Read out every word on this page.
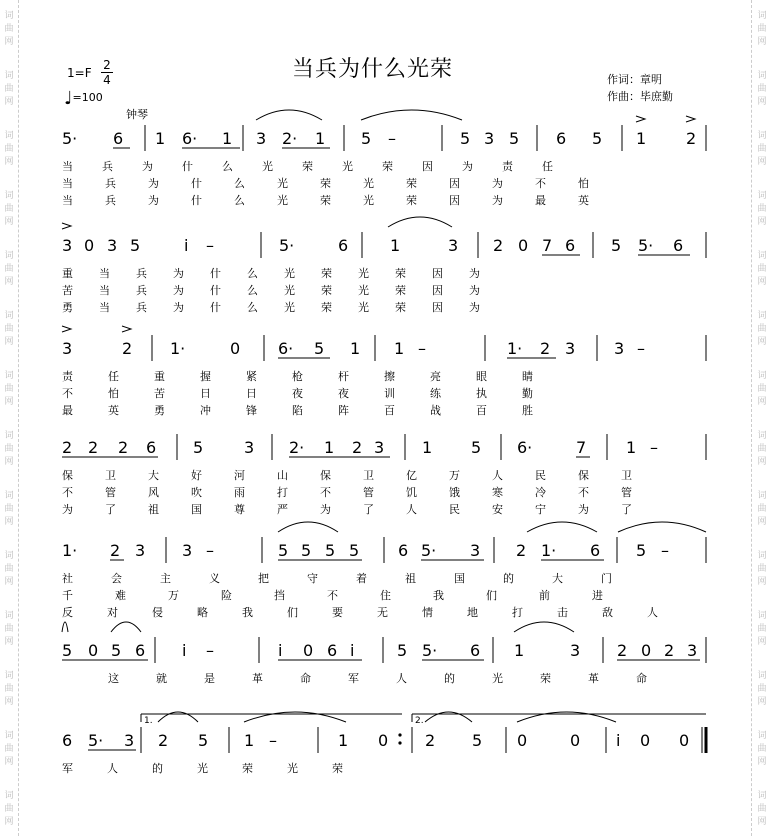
词
曲
网
词
曲
网
词
曲
网
词
曲
网
词
曲
网
词
曲
网
词
曲
网
词
曲
网
词
曲
网
词
曲
网
词
曲
网
词
曲
网
词
曲
网
词
曲
网
词
曲
网
词
曲
网
词
曲
网
词
曲
网
词
曲
网
词
曲
网
词
曲
网
词
曲
网
词
曲
网
词
曲
网
词
曲
网
词
曲
网
词
曲
网
词
曲
网
当兵为什么光荣	作词：章明
作曲：毕庶勤
1=F
2
4
♩=100
钟琴
5· 6 1 6· 1 3 2· 1 5 –	5 3 5 6 5 1 2
当	兵	为	什	么	光	荣	光	荣	因	为	责	任
当	兵	为	什	么	光	荣	光	荣	因	为	不	怕
当	兵	为	什	么	光	荣	光	荣	因	为	最	英
3 0 3 5	i –	5·	6	1	3 2 0 7 6 5 5· 6
重 当 兵 为 什 么 光 荣 光 荣 因 为
苦 当 兵 为 什 么 光 荣 光 荣 因 为
勇 当 兵 为 什 么 光 荣 光 荣 因 为
3	2 1·	0 6· 5 1 1 –	1· 2 3 3 –
责	任	重	握	紧	枪	杆	擦	亮	眼	睛
不	怕	苦	日	日	夜	夜	训	练	执	勤
最	英	勇	冲	锋	陷	阵	百	战	百	胜
2 2 2 6 5	3 2· 1 2 3 1 5 6·	7 1 –
保	卫	大	好	河	山	保	卫	亿	万	人	民	保	卫
不	管	风	吹	雨	打	不	管	饥	饿	寒	冷	不	管
为	了	祖	国	尊	严	为	了	人	民	安	宁	为	了
1· 2 3 3 –	5 5 5 5 6 5· 3 2 1· 6 5 –
社	会	主	义	把	守	着	祖	国	的	大	门
千	难	万	险	挡	不	住	我	们	前	进
反	对	侵	略	我	们	要	无	情	地	打	击	敌	人
5 0 5 6 i –	i 0 6 i	5 5· 6 1	3 2 0 2 3
这	就	是	革	命	军	人	的	光	荣	革	命
6 5· 3 2 5 1 –	1 0 2 5 0	0 i 0 0
军	人	的	光	荣	光	荣
1.	2.
